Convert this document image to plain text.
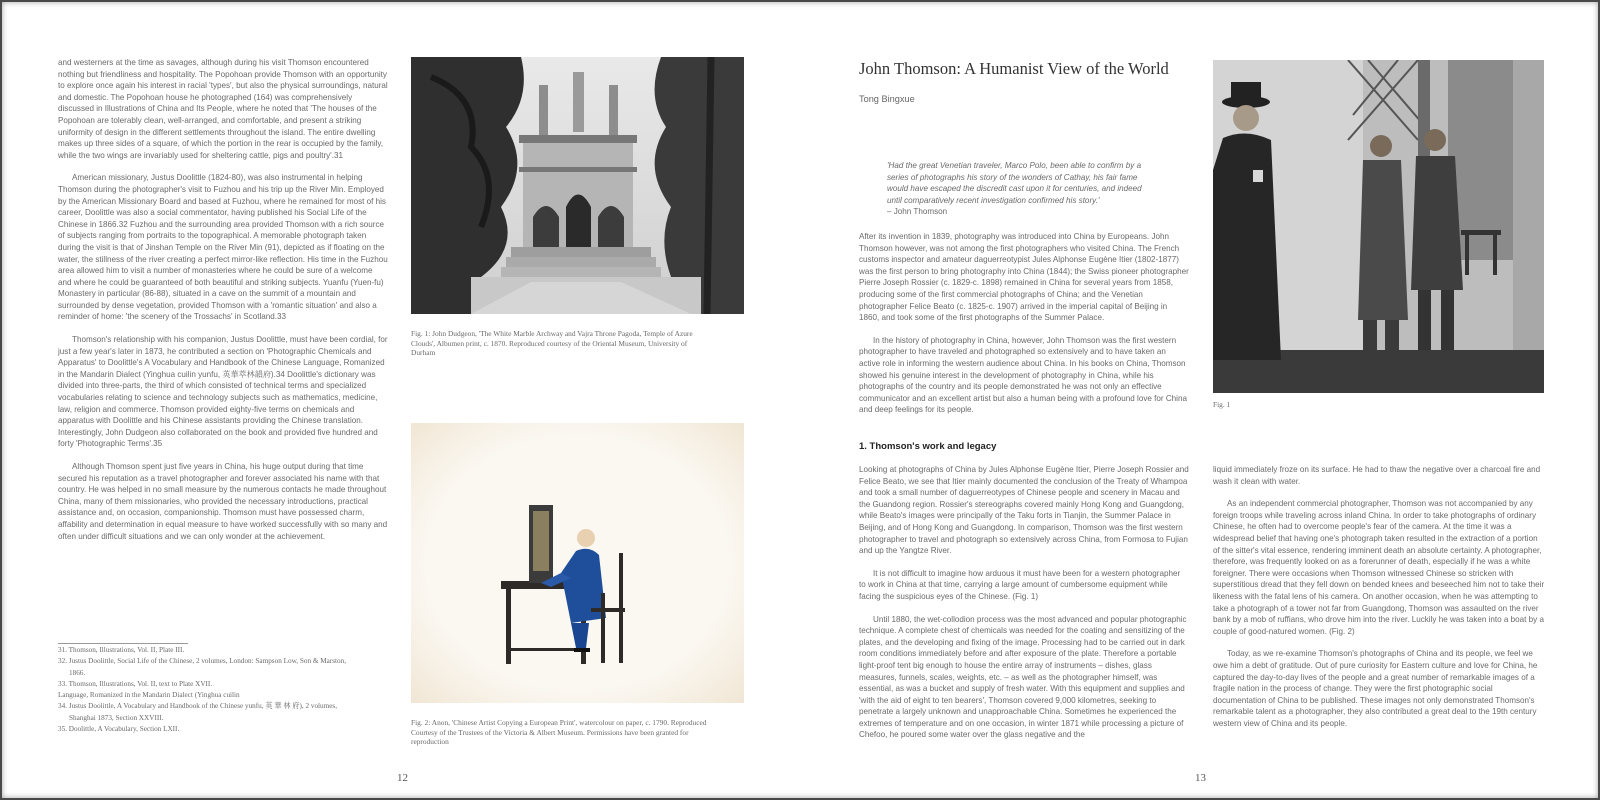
and westerners at the time as savages, although during his visit Thomson encountered nothing but friendliness and hospitality. The Popohoan provide Thomson with an opportunity to explore once again his interest in racial 'types', but also the physical surroundings, natural and domestic. The Popohoan house he photographed (164) was comprehensively discussed in Illustrations of China and Its People, where he noted that 'The houses of the Popohoan are tolerably clean, well-arranged, and comfortable, and present a striking uniformity of design in the different settlements throughout the island. The entire dwelling makes up three sides of a square, of which the portion in the rear is occupied by the family, while the two wings are invariably used for sheltering cattle, pigs and poultry'.31

American missionary, Justus Doolittle (1824-80), was also instrumental in helping Thomson during the photographer's visit to Fuzhou and his trip up the River Min. Employed by the American Missionary Board and based at Fuzhou, where he remained for most of his career, Doolittle was also a social commentator, having published his Social Life of the Chinese in 1866.32 Fuzhou and the surrounding area provided Thomson with a rich source of subjects ranging from portraits to the topographical. A memorable photograph taken during the visit is that of Jinshan Temple on the River Min (91), depicted as if floating on the water, the stillness of the river creating a perfect mirror-like reflection. His time in the Fuzhou area allowed him to visit a number of monasteries where he could be sure of a welcome and where he could be guaranteed of both beautiful and striking subjects. Yuanfu (Yuen-fu) Monastery in particular (86-88), situated in a cave on the summit of a mountain and surrounded by dense vegetation, provided Thomson with a 'romantic situation' and also a reminder of home: 'the scenery of the Trossachs' in Scotland.33

Thomson's relationship with his companion, Justus Doolittle, must have been cordial, for just a few year's later in 1873, he contributed a section on 'Photographic Chemicals and Apparatus' to Doolittle's A Vocabulary and Handbook of the Chinese Language, Romanized in the Mandarin Dialect (Yinghua cuilin yunfu, 英華萃林韻府).34 Doolittle's dictionary was divided into three-parts, the third of which consisted of technical terms and specialized vocabularies relating to science and technology subjects such as mathematics, medicine, law, religion and commerce. Thomson provided eighty-five terms on chemicals and apparatus with Doolittle and his Chinese assistants providing the Chinese translation. Interestingly, John Dudgeon also collaborated on the book and provided five hundred and forty 'Photographic Terms'.35

Although Thomson spent just five years in China, his huge output during that time secured his reputation as a travel photographer and forever associated his name with that country. He was helped in no small measure by the numerous contacts he made throughout China, many of them missionaries, who provided the necessary introductions, practical assistance and, on occasion, companionship. Thomson must have possessed charm, affability and determination in equal measure to have worked successfully with so many and often under difficult situations and we can only wonder at the achievement.

31. Thomson, Illustrations, Vol. II, Plate III.
32. Justus Doolittle, Social Life of the Chinese, 2 volumes, London: Sampson Low, Son & Marston,
1866.
33. Thomson, Illustrations, Vol. II, text to Plate XVII.
Language, Romanized in the Mandarin Dialect (Yinghua cuilin
34. Justus Doolittle, A Vocabulary and Handbook of the Chinese yunfu, 英 華 林 府), 2 volumes,
Shanghai 1873, Section XXVIII.
35. Doolittle, A Vocabulary, Section LXII.
Fig. 1: John Dudgeon, 'The White Marble Archway and Vajra Throne Pagoda, Temple of Azure Clouds', Albumen print, c. 1870. Reproduced courtesy of the Oriental Museum, University of Durham
Fig. 2: Anon, 'Chinese Artist Copying a European Print', watercolour on paper, c. 1790. Reproduced Courtesy of the Trustees of the Victoria & Albert Museum. Permissions have been granted for reproduction
12
John Thomson: A Humanist View of the World

Tong Bingxue

'Had the great Venetian traveler, Marco Polo, been able to confirm by a
series of photographs his story of the wonders of Cathay, his fair fame
would have escaped the discredit cast upon it for centuries, and indeed
until comparatively recent investigation confirmed his story.'
– John Thomson

After its invention in 1839, photography was introduced into China by Europeans. John Thomson however, was not among the first photographers who visited China. The French customs inspector and amateur daguerreotypist Jules Alphonse Eugène Itier (1802-1877) was the first person to bring photography into China (1844); the Swiss pioneer photographer Pierre Joseph Rossier (c. 1829-c. 1898) remained in China for several years from 1858, producing some of the first commercial photographs of China; and the Venetian photographer Felice Beato (c. 1825-c. 1907) arrived in the imperial capital of Beijing in 1860, and took some of the first photographs of the Summer Palace.

In the history of photography in China, however, John Thomson was the first western photographer to have traveled and photographed so extensively and to have taken an active role in informing the western audience about China. In his books on China, Thomson showed his genuine interest in the development of photography in China, while his photographs of the country and its people demonstrated he was not only an effective communicator and an excellent artist but also a human being with a profound love for China and deep feelings for its people.

Fig. 1
1. Thomson's work and legacy

Looking at photographs of China by Jules Alphonse Eugène Itier, Pierre Joseph Rossier and Felice Beato, we see that Itier mainly documented the conclusion of the Treaty of Whampoa and took a small number of daguerreotypes of Chinese people and scenery in Macau and the Guandong region. Rossier's stereographs covered mainly Hong Kong and Guangdong, while Beato's images were principally of the Taku forts in Tianjin, the Summer Palace in Beijing, and of Hong Kong and Guangdong. In comparison, Thomson was the first western photographer to travel and photograph so extensively across China, from Formosa to Fujian and up the Yangtze River.

It is not difficult to imagine how arduous it must have been for a western photographer to work in China at that time, carrying a large amount of cumbersome equipment while facing the suspicious eyes of the Chinese. (Fig. 1)

Until 1880, the wet-collodion process was the most advanced and popular photographic technique. A complete chest of chemicals was needed for the coating and sensitizing of the plates, and the developing and fixing of the image. Processing had to be carried out in dark room conditions immediately before and after exposure of the plate. Therefore a portable light-proof tent big enough to house the entire array of instruments – dishes, glass measures, funnels, scales, weights, etc. – as well as the photographer himself, was essential, as was a bucket and supply of fresh water. With this equipment and supplies and 'with the aid of eight to ten bearers', Thomson covered 9,000 kilometres, seeking to penetrate a largely unknown and unapproachable China. Sometimes he experienced the extremes of temperature and on one occasion, in winter 1871 while processing a picture of Chefoo, he poured some water over the glass negative and the

liquid immediately froze on its surface. He had to thaw the negative over a charcoal fire and wash it clean with water.

As an independent commercial photographer, Thomson was not accompanied by any foreign troops while traveling across inland China. In order to take photographs of ordinary Chinese, he often had to overcome people's fear of the camera. At the time it was a widespread belief that having one's photograph taken resulted in the extraction of a portion of the sitter's vital essence, rendering imminent death an absolute certainty. A photographer, therefore, was frequently looked on as a forerunner of death, especially if he was a white foreigner. There were occasions when Thomson witnessed Chinese so stricken with superstitious dread that they fell down on bended knees and beseeched him not to take their likeness with the fatal lens of his camera. On another occasion, when he was attempting to take a photograph of a tower not far from Guangdong, Thomson was assaulted on the river bank by a mob of ruffians, who drove him into the river. Luckily he was taken into a boat by a couple of good-natured women. (Fig. 2)

Today, as we re-examine Thomson's photographs of China and its people, we feel we owe him a debt of gratitude. Out of pure curiosity for Eastern culture and love for China, he captured the day-to-day lives of the people and a great number of remarkable images of a fragile nation in the process of change. They were the first photographic social documentation of China to be published. These images not only demonstrated Thomson's remarkable talent as a photographer, they also contributed a great deal to the 19th century western view of China and its people.

13
